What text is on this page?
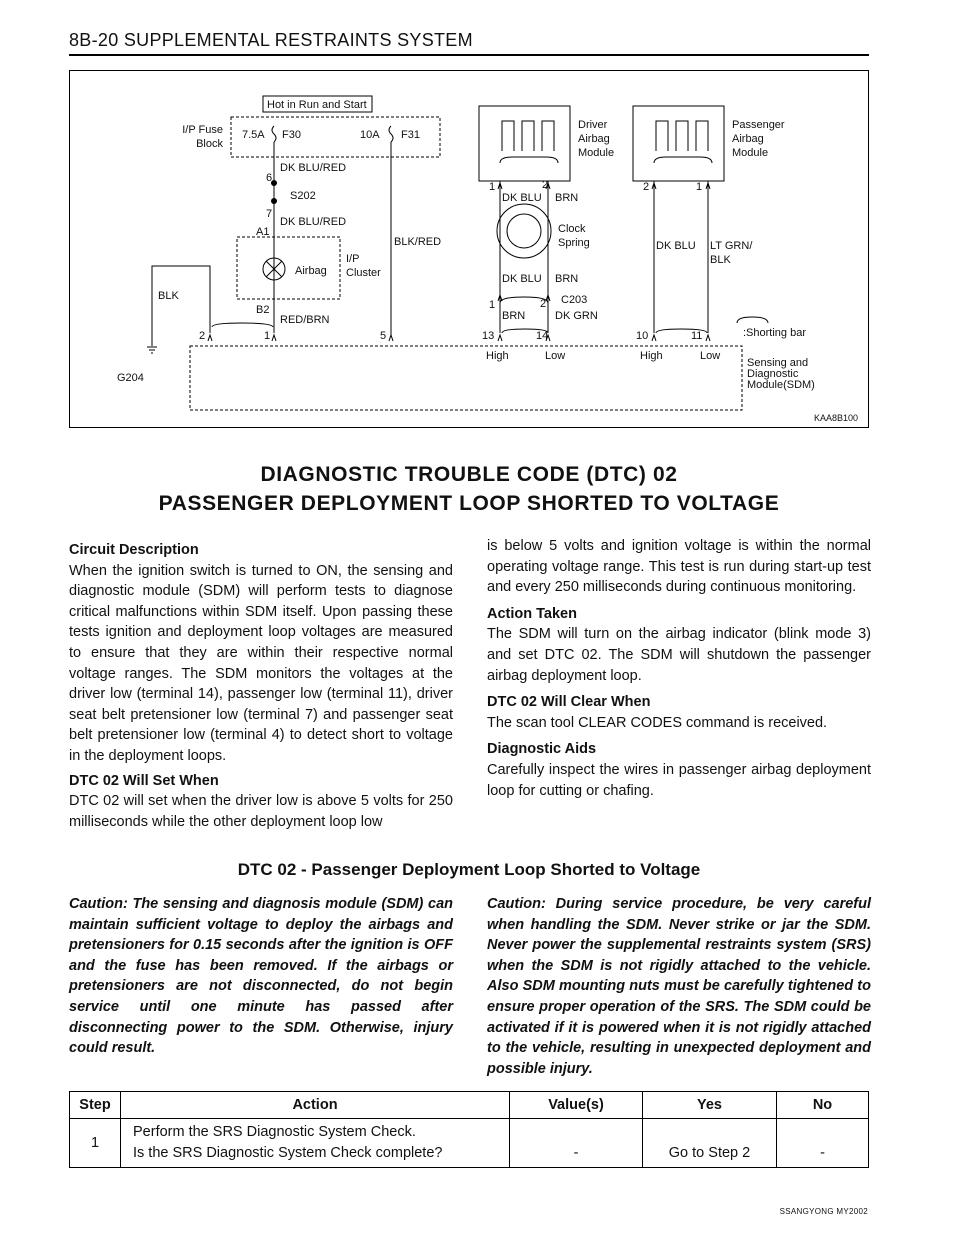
8B-20 SUPPLEMENTAL RESTRAINTS SYSTEM
Hot in Run and Start
I/P Fuse
Block
7.5A F30	10A F31
DK BLU/RED
6
S202
7
DK BLU/RED
A1
Airbag
I/P
Cluster
B2
RED/BRN
BLK/RED
BLK
G204
2	1	5
Driver
Airbag
Module
1	2
DK BLU BRN
Clock
Spring
DK BLU BRN
1	2 C203
BRN	DK GRN
13	14
Passenger
Airbag
Module
2	1
DK BLU LT GRN/
BLK
10	11	:Shorting bar
High	Low	High	Low
Sensing and
Diagnostic
Module(SDM)
KAA8B100
DIAGNOSTIC TROUBLE CODE (DTC) 02
PASSENGER DEPLOYMENT LOOP SHORTED TO VOLTAGE
Circuit Description

When the ignition switch is turned to ON, the sensing and diagnostic module (SDM) will perform tests to diagnose critical malfunctions within SDM itself. Upon passing these tests ignition and deployment loop voltages are measured to ensure that they are within their respective normal voltage ranges. The SDM monitors the voltages at the driver low (terminal 14), passenger low (terminal 11), driver seat belt pretensioner low (terminal 7) and passenger seat belt pretensioner low (terminal 4) to detect short to voltage in the deployment loops.

DTC 02 Will Set When

DTC 02 will set when the driver low is above 5 volts for 250 milliseconds while the other deployment loop low

is below 5 volts and ignition voltage is within the normal operating voltage range. This test is run during start-up test and every 250 milliseconds during continuous monitoring.

Action Taken

The SDM will turn on the airbag indicator (blink mode 3) and set DTC 02. The SDM will shutdown the passenger airbag deployment loop.

DTC 02 Will Clear When

The scan tool CLEAR CODES command is received.

Diagnostic Aids

Carefully inspect the wires in passenger airbag deployment loop for cutting or chafing.

DTC 02 - Passenger Deployment Loop Shorted to Voltage
Caution: The sensing and diagnosis module (SDM) can maintain sufficient voltage to deploy the airbags and pretensioners for 0.15 seconds after the ignition is OFF and the fuse has been removed. If the airbags or pretensioners are not disconnected, do not begin service until one minute has passed after disconnecting power to the SDM. Otherwise, injury could result.
Caution: During service procedure, be very careful when handling the SDM. Never strike or jar the SDM. Never power the supplemental restraints system (SRS) when the SDM is not rigidly attached to the vehicle. Also SDM mounting nuts must be carefully tightened to ensure proper operation of the SRS. The SDM could be activated if it is powered when it is not rigidly attached to the vehicle, resulting in unexpected deployment and possible injury.
Step	Action	Value(s)	Yes	No
1	Perform the SRS Diagnostic System Check.
Is the SRS Diagnostic System Check complete?	-	Go to Step 2	-
SSANGYONG MY2002
